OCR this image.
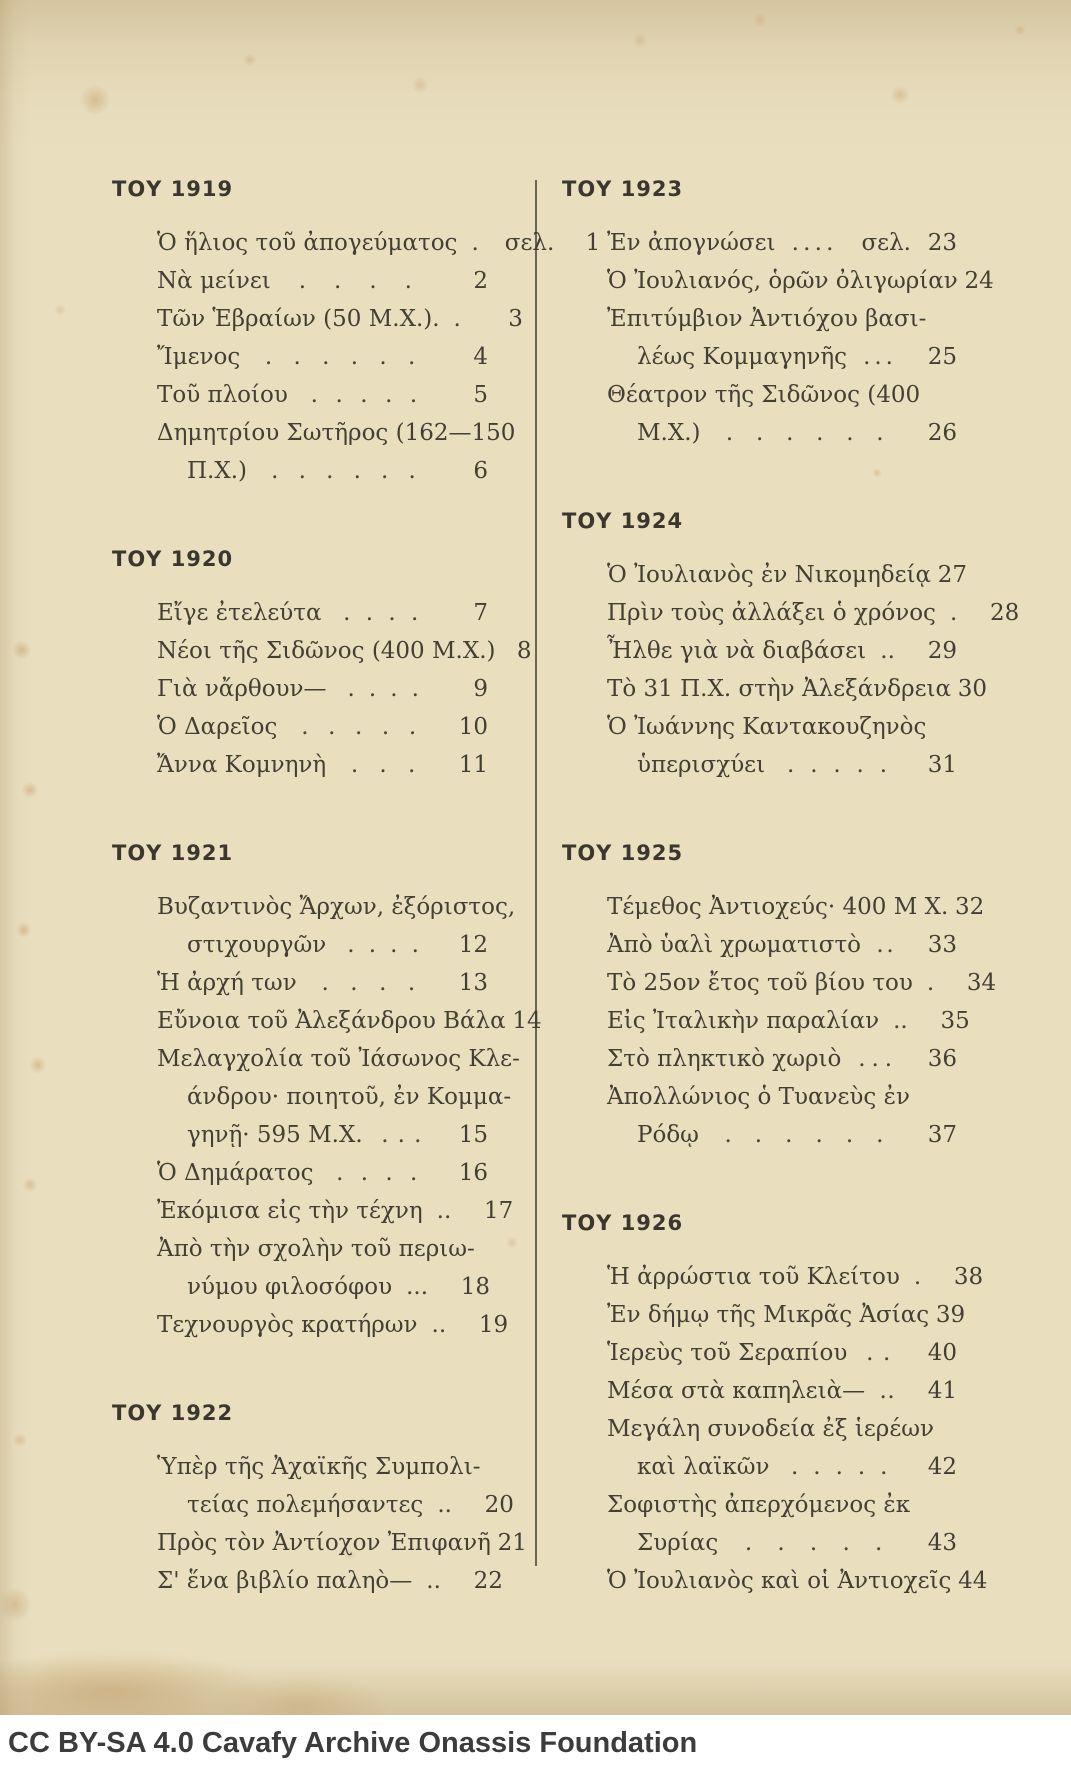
ΤΟΥ 1919
Ὁ ἥλιος τοῦ ἀπογεύματος . σελ.	1
Νὰ μείνει . . . .	2
Τῶν Ἑβραίων (50 Μ.Χ.). .	3
Ἴμενος . . . . . .	4
Τοῦ πλοίου . . . . .	5
Δημητρίου Σωτῆρος (162—150
Π.Χ.) . . . . . .	6
ΤΟΥ 1920
Εἴγε ἐτελεύτα . . . .	7
Νέοι τῆς Σιδῶνος (400 Μ.Χ.) 8
Γιὰ νἄρθουν— . . . .	9
Ὁ Δαρεῖος . . . . . 10
Ἄννα Κομνηνὴ . . . 11
ΤΟΥ 1921
Βυζαντινὸς Ἄρχων, ἐξόριστος,
στιχουργῶν . . . . 12
Ἡ ἀρχή των . . . . 13
Εὔνοια τοῦ Ἀλεξάνδρου Βάλα 14
Μελαγχολία τοῦ Ἰάσωνος Κλε-
άνδρου· ποιητοῦ, ἐν Κομμα-
γηνῇ· 595 Μ.Χ. . . . 15
Ὁ Δημάρατος . . . . 16
Ἐκόμισα εἰς τὴν τέχνη . . 17
Ἀπὸ τὴν σχολὴν τοῦ περιω-
νύμου φιλοσόφου . . . 18
Τεχνουργὸς κρατήρων . . 19
ΤΟΥ 1922
Ὑπὲρ τῆς Ἀχαϊκῆς Συμπολι-
τείας πολεμήσαντες . . 20
Πρὸς τὸν Ἀντίοχον Ἐπιφανῆ 21
Σ' ἕνα βιβλίο παληὸ— . . 22
ΤΟΥ 1923
Ἐν ἀπογνώσει . . . . σελ. 23
Ὁ Ἰουλιανός, ὁρῶν ὀλιγωρίαν 24
Ἐπιτύμβιον Ἀντιόχου βασι-
λέως Κομμαγηνῆς . . . 25
Θέατρον τῆς Σιδῶνος (400
Μ.Χ.) . . . . . . 26
ΤΟΥ 1924
Ὁ Ἰουλιανὸς ἐν Νικομηδείᾳ 27
Πρὶν τοὺς ἀλλάξει ὁ χρόνος . 28
Ἦλθε γιὰ νὰ διαβάσει . . 29
Τὸ 31 Π.Χ. στὴν Ἀλεξάνδρεια 30
Ὁ Ἰωάννης Καντακουζηνὸς
ὑπερισχύει . . . . . 31
ΤΟΥ 1925
Τέμεθος Ἀντιοχεύς· 400 Μ Χ. 32
Ἀπὸ ὑαλὶ χρωματιστὸ . . 33
Τὸ 25ον ἔτος τοῦ βίου του . 34
Εἰς Ἰταλικὴν παραλίαν . . 35
Στὸ πληκτικὸ χωριὸ . . . 36
Ἀπολλώνιος ὁ Τυανεὺς ἐν
Ρόδῳ . . . . . . 37
ΤΟΥ 1926
Ἡ ἀρρώστια τοῦ Κλείτου . 38
Ἐν δήμῳ τῆς Μικρᾶς Ἀσίας 39
Ἱερεὺς τοῦ Σεραπίου . . 40
Μέσα στὰ καπηλειὰ— . . 41
Μεγάλη συνοδεία ἐξ ἱερέων
καὶ λαϊκῶν . . . . . 42
Σοφιστὴς ἀπερχόμενος ἐκ
Συρίας . . . . . 43
Ὁ Ἰουλιανὸς καὶ οἱ Ἀντιοχεῖς 44
CC BY-SA 4.0 Cavafy Archive Onassis Foundation
